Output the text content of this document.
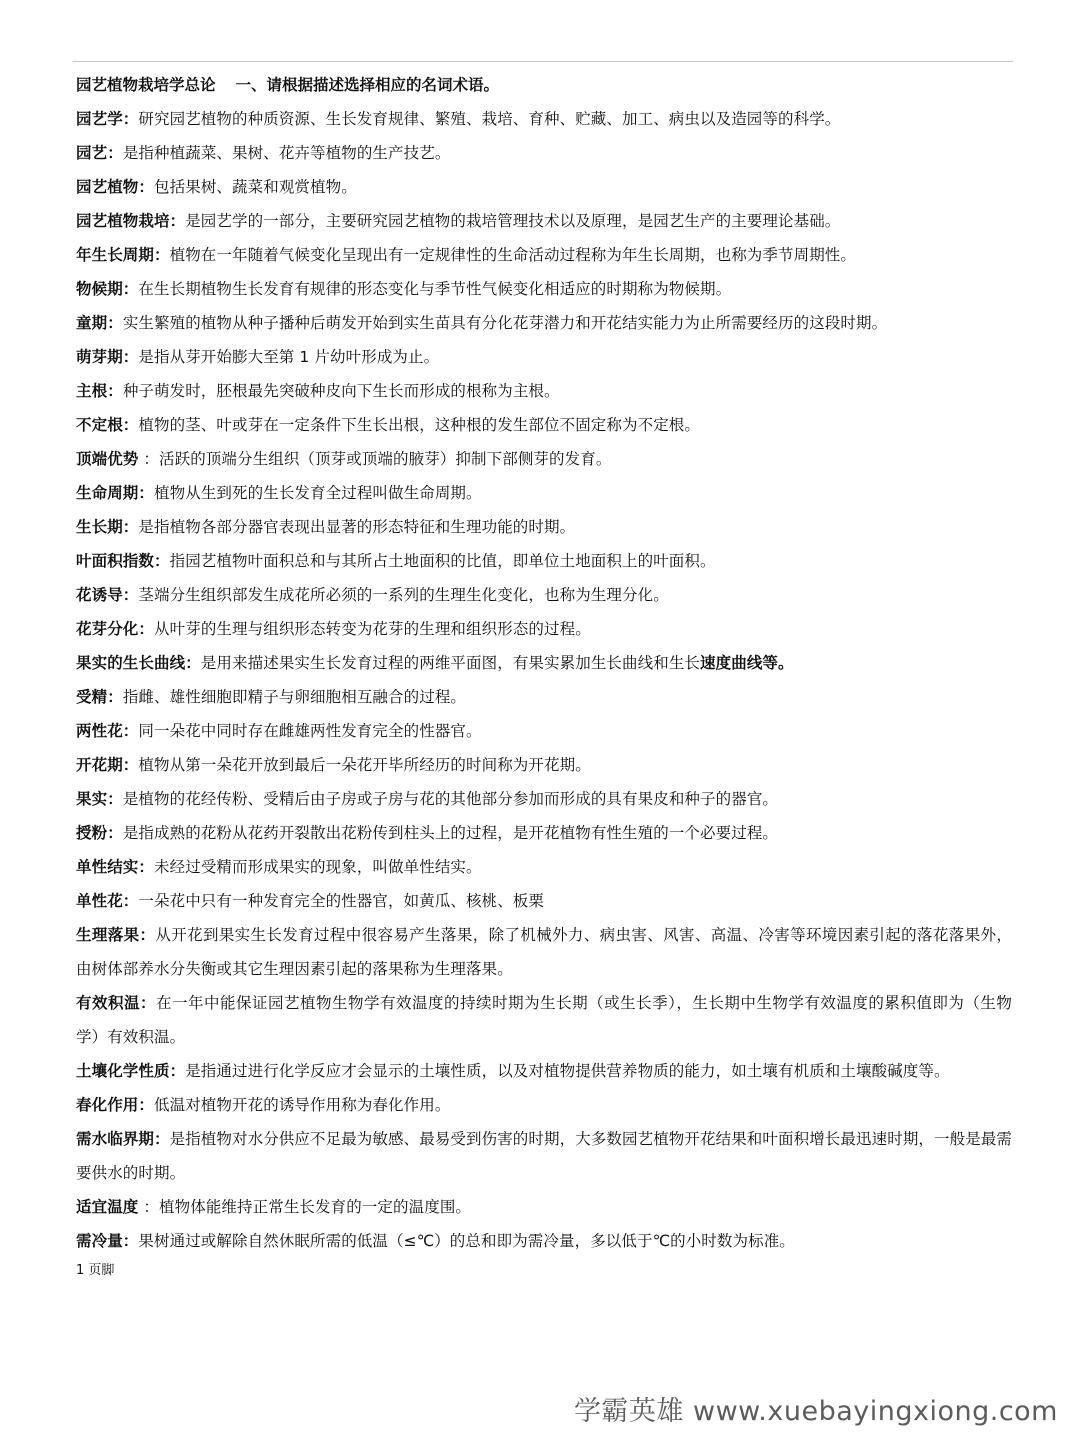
园艺植物栽培学总论 一、请根据描述选择相应的名词术语。
园艺学：研究园艺植物的种质资源、生长发育规律、繁殖、栽培、育种、贮藏、加工、病虫以及造园等的科学。
园艺：是指种植蔬菜、果树、花卉等植物的生产技艺。
园艺植物：包括果树、蔬菜和观赏植物。
园艺植物栽培：是园艺学的一部分，主要研究园艺植物的栽培管理技术以及原理，是园艺生产的主要理论基础。
年生长周期：植物在一年随着气候变化呈现出有一定规律性的生命活动过程称为年生长周期，也称为季节周期性。
物候期：在生长期植物生长发育有规律的形态变化与季节性气候变化相适应的时期称为物候期。
童期：实生繁殖的植物从种子播种后萌发开始到实生苗具有分化花芽潜力和开花结实能力为止所需要经历的这段时期。
萌芽期：是指从芽开始膨大至第 1 片幼叶形成为止。
主根：种子萌发时，胚根最先突破种皮向下生长而形成的根称为主根。
不定根：植物的茎、叶或芽在一定条件下生长出根，这种根的发生部位不固定称为不定根。
顶端优势 ：活跃的顶端分生组织（顶芽或顶端的腋芽）抑制下部侧芽的发育。
生命周期：植物从生到死的生长发育全过程叫做生命周期。
生长期：是指植物各部分器官表现出显著的形态特征和生理功能的时期。
叶面积指数：指园艺植物叶面积总和与其所占土地面积的比值，即单位土地面积上的叶面积。
花诱导：茎端分生组织部发生成花所必须的一系列的生理生化变化，也称为生理分化。
花芽分化：从叶芽的生理与组织形态转变为花芽的生理和组织形态的过程。
果实的生长曲线：是用来描述果实生长发育过程的两维平面图，有果实累加生长曲线和生长速度曲线等。
受精：指雌、雄性细胞即精子与卵细胞相互融合的过程。
两性花：同一朵花中同时存在雌雄两性发育完全的性器官。
开花期：植物从第一朵花开放到最后一朵花开毕所经历的时间称为开花期。
果实：是植物的花经传粉、受精后由子房或子房与花的其他部分参加而形成的具有果皮和种子的器官。
授粉：是指成熟的花粉从花药开裂散出花粉传到柱头上的过程，是开花植物有性生殖的一个必要过程。
单性结实：未经过受精而形成果实的现象，叫做单性结实。
单性花：一朵花中只有一种发育完全的性器官，如黄瓜、核桃、板栗
生理落果：从开花到果实生长发育过程中很容易产生落果，除了机械外力、病虫害、风害、高温、冷害等环境因素引起的落花落果外，由树体部养水分失衡或其它生理因素引起的落果称为生理落果。
有效积温：在一年中能保证园艺植物生物学有效温度的持续时期为生长期（或生长季），生长期中生物学有效温度的累积值即为（生物学）有效积温。
土壤化学性质：是指通过进行化学反应才会显示的土壤性质，以及对植物提供营养物质的能力，如土壤有机质和土壤酸碱度等。
春化作用：低温对植物开花的诱导作用称为春化作用。
需水临界期：是指植物对水分供应不足最为敏感、最易受到伤害的时期，大多数园艺植物开花结果和叶面积增长最迅速时期，一般是最需要供水的时期。
适宜温度 ：植物体能维持正常生长发育的一定的温度围。
需冷量：果树通过或解除自然休眠所需的低温（≤℃）的总和即为需冷量，多以低于℃的小时数为标准。
1 页脚
学霸英雄 www.xuebayingxiong.com
